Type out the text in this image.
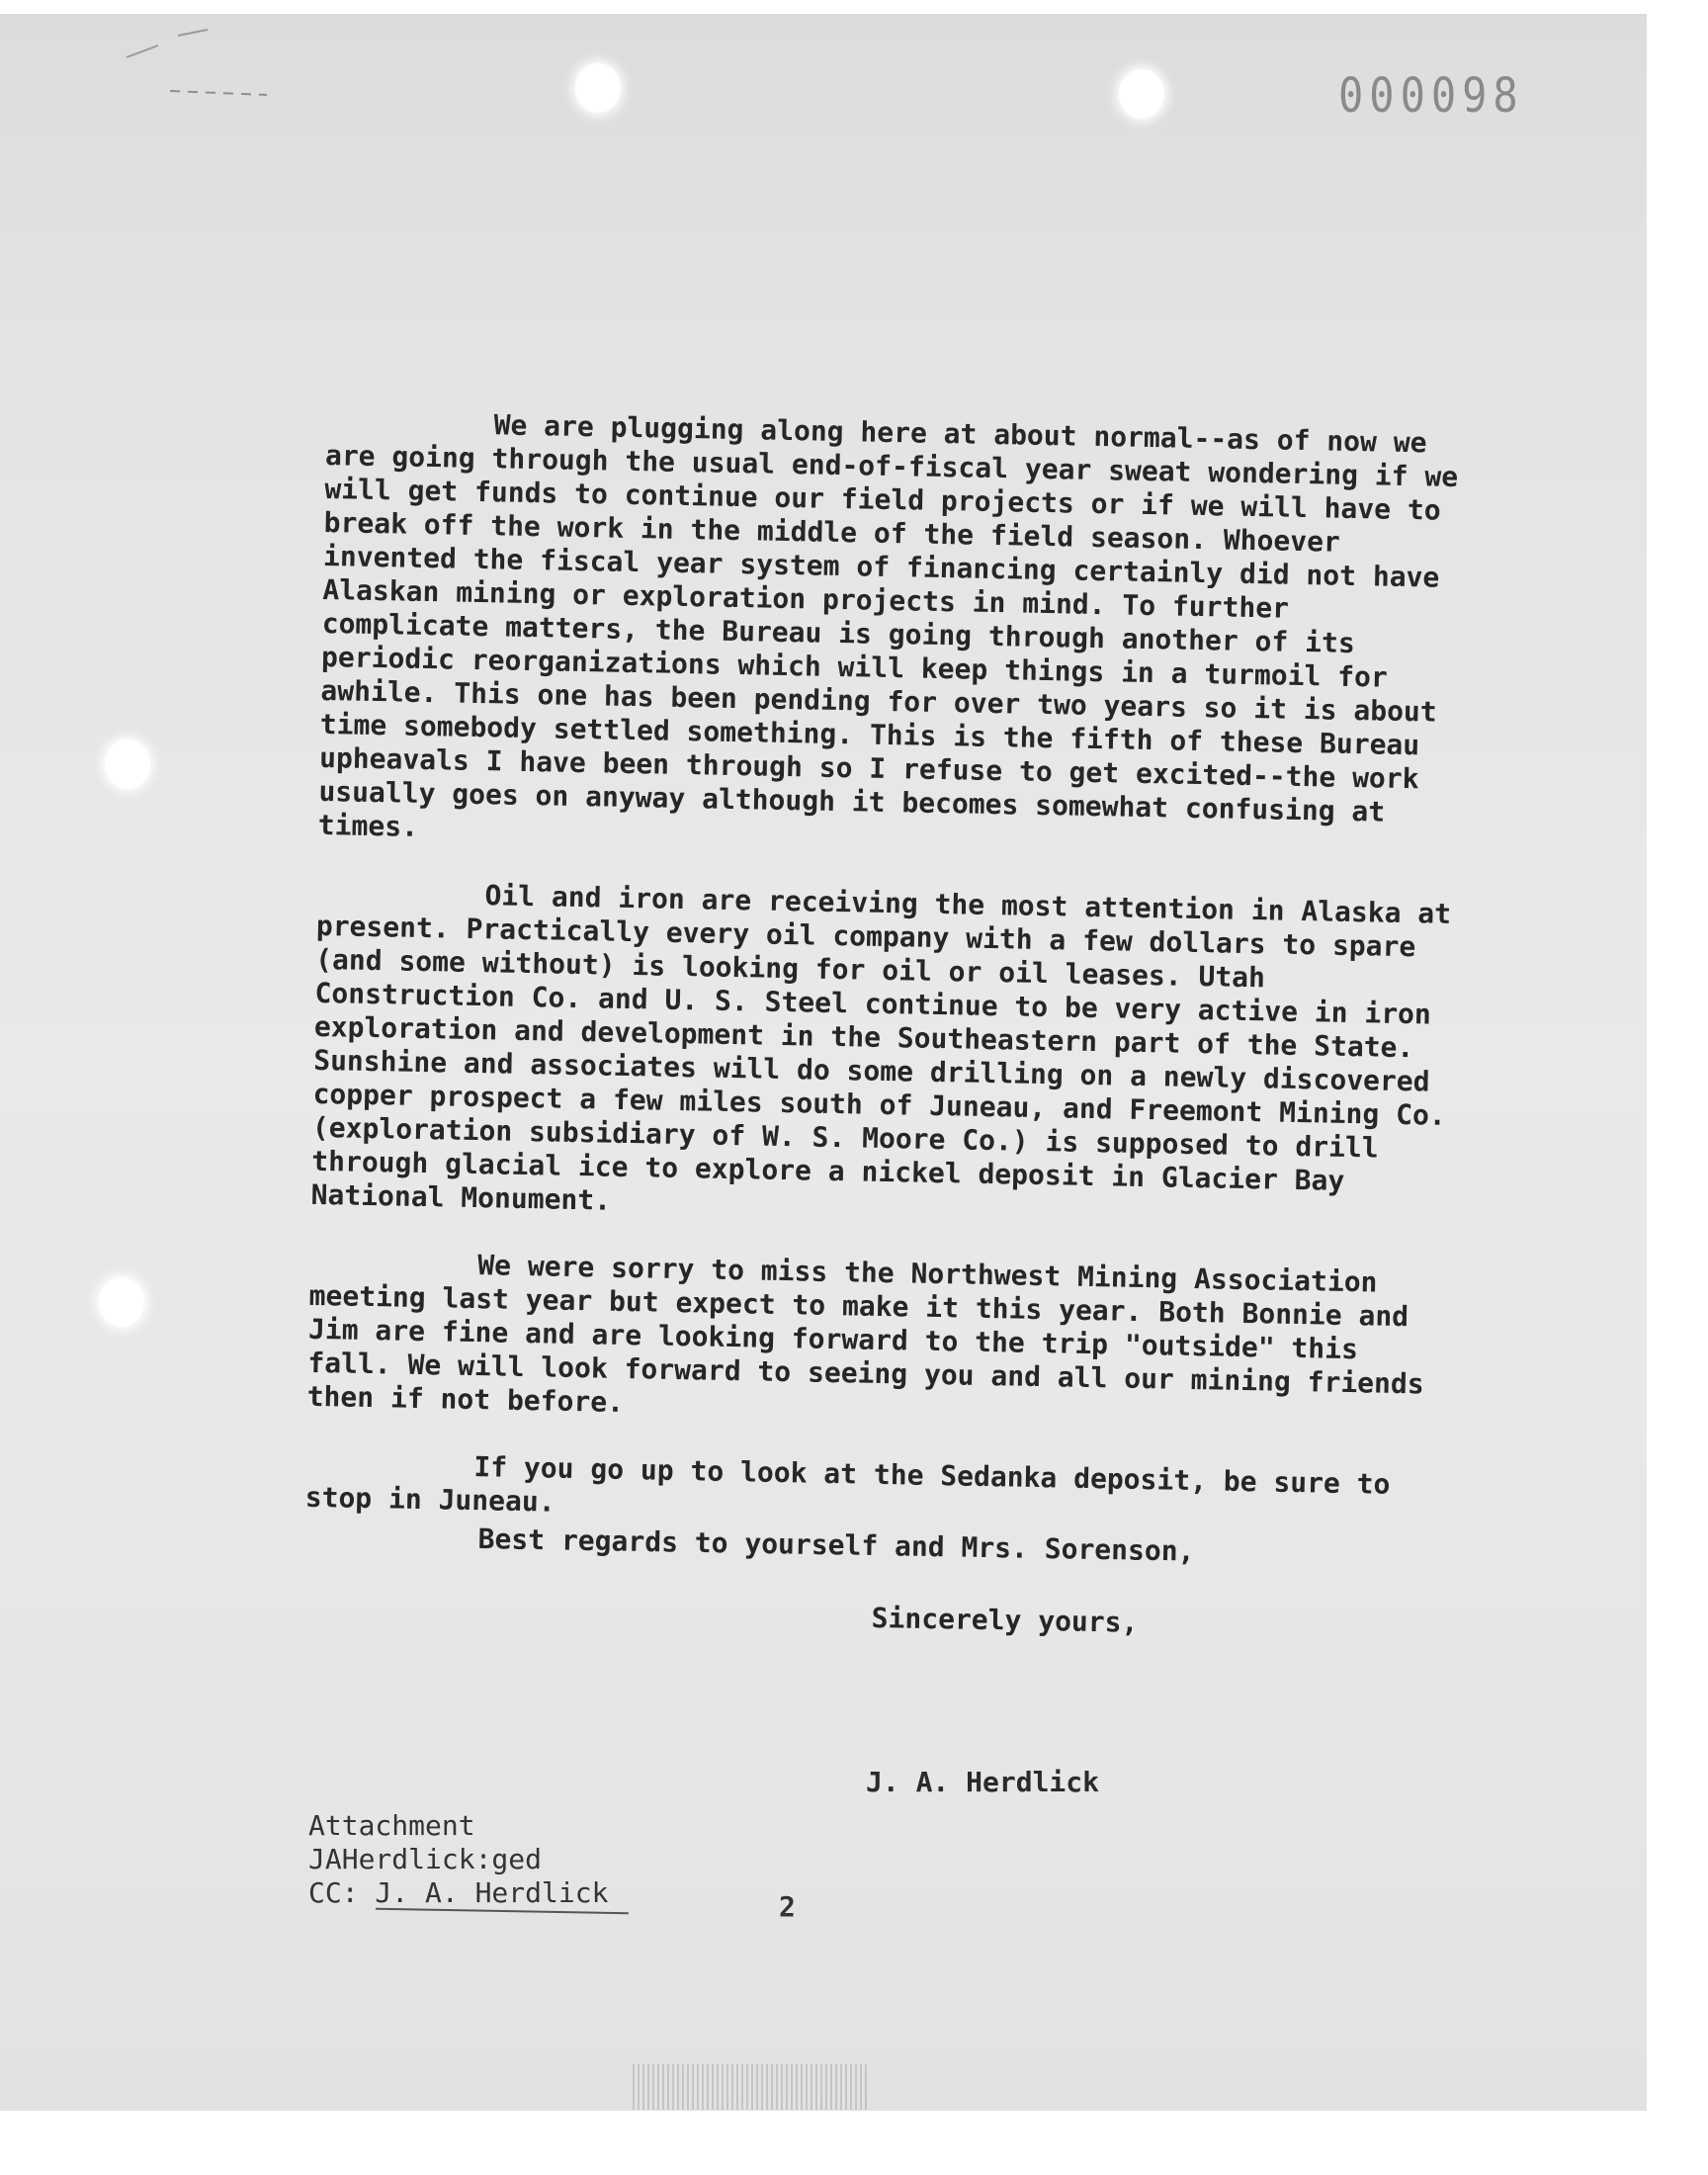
000098

We are plugging along here at about normal--as of now we are going through the usual end-of-fiscal year sweat wondering if we will get funds to continue our field projects or if we will have to break off the work in the middle of the field season. Whoever invented the fiscal year system of financing certainly did not have Alaskan mining or exploration projects in mind. To further complicate matters, the Bureau is going through another of its periodic reorganizations which will keep things in a turmoil for awhile. This one has been pending for over two years so it is about time somebody settled something. This is the fifth of these Bureau upheavals I have been through so I refuse to get excited--the work usually goes on anyway although it becomes somewhat confusing at times.

Oil and iron are receiving the most attention in Alaska at present. Practically every oil company with a few dollars to spare (and some without) is looking for oil or oil leases. Utah Construction Co. and U. S. Steel continue to be very active in iron exploration and development in the Southeastern part of the State. Sunshine and associates will do some drilling on a newly discovered copper prospect a few miles south of Juneau, and Freemont Mining Co. (exploration subsidiary of W. S. Moore Co.) is supposed to drill through glacial ice to explore a nickel deposit in Glacier Bay National Monument.

We were sorry to miss the Northwest Mining Association meeting last year but expect to make it this year. Both Bonnie and Jim are fine and are looking forward to the trip "outside" this fall. We will look forward to seeing you and all our mining friends then if not before.

If you go up to look at the Sedanka deposit, be sure to stop in Juneau.

Best regards to yourself and Mrs. Sorenson,
Sincerely yours,
J. A. Herdlick
Attachment
JAHerdlick:ged
CC: J. A. Herdlick	2
